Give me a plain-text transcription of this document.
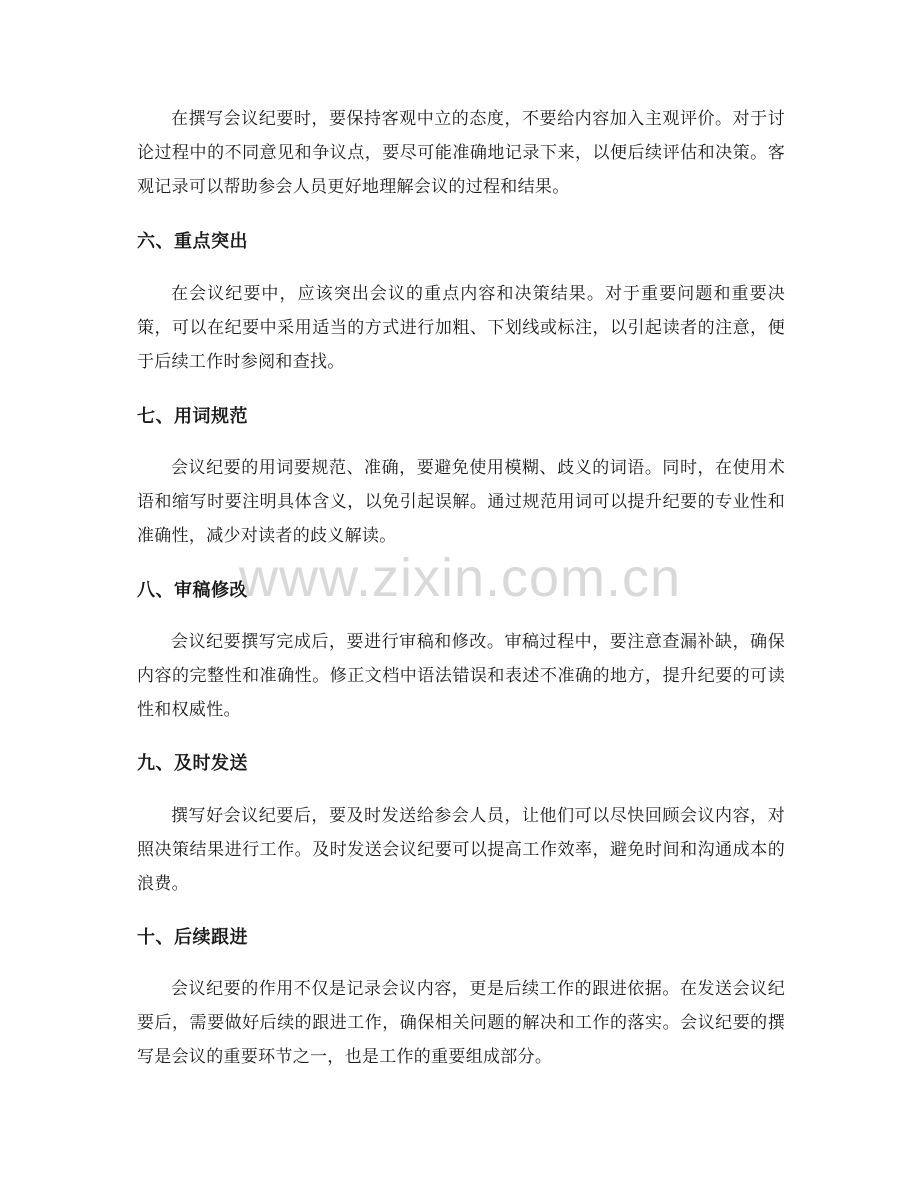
在撰写会议纪要时，要保持客观中立的态度，不要给内容加入主观评价。对于讨论过程中的不同意见和争议点，要尽可能准确地记录下来，以便后续评估和决策。客观记录可以帮助参会人员更好地理解会议的过程和结果。

六、重点突出

在会议纪要中，应该突出会议的重点内容和决策结果。对于重要问题和重要决策，可以在纪要中采用适当的方式进行加粗、下划线或标注，以引起读者的注意，便于后续工作时参阅和查找。

七、用词规范

会议纪要的用词要规范、准确，要避免使用模糊、歧义的词语。同时，在使用术语和缩写时要注明具体含义，以免引起误解。通过规范用词可以提升纪要的专业性和准确性，减少对读者的歧义解读。

八、审稿修改

会议纪要撰写完成后，要进行审稿和修改。审稿过程中，要注意查漏补缺，确保内容的完整性和准确性。修正文档中语法错误和表述不准确的地方，提升纪要的可读性和权威性。

九、及时发送

撰写好会议纪要后，要及时发送给参会人员，让他们可以尽快回顾会议内容，对照决策结果进行工作。及时发送会议纪要可以提高工作效率，避免时间和沟通成本的浪费。

十、后续跟进

会议纪要的作用不仅是记录会议内容，更是后续工作的跟进依据。在发送会议纪要后，需要做好后续的跟进工作，确保相关问题的解决和工作的落实。会议纪要的撰写是会议的重要环节之一，也是工作的重要组成部分。

www.zixin.com.cn
